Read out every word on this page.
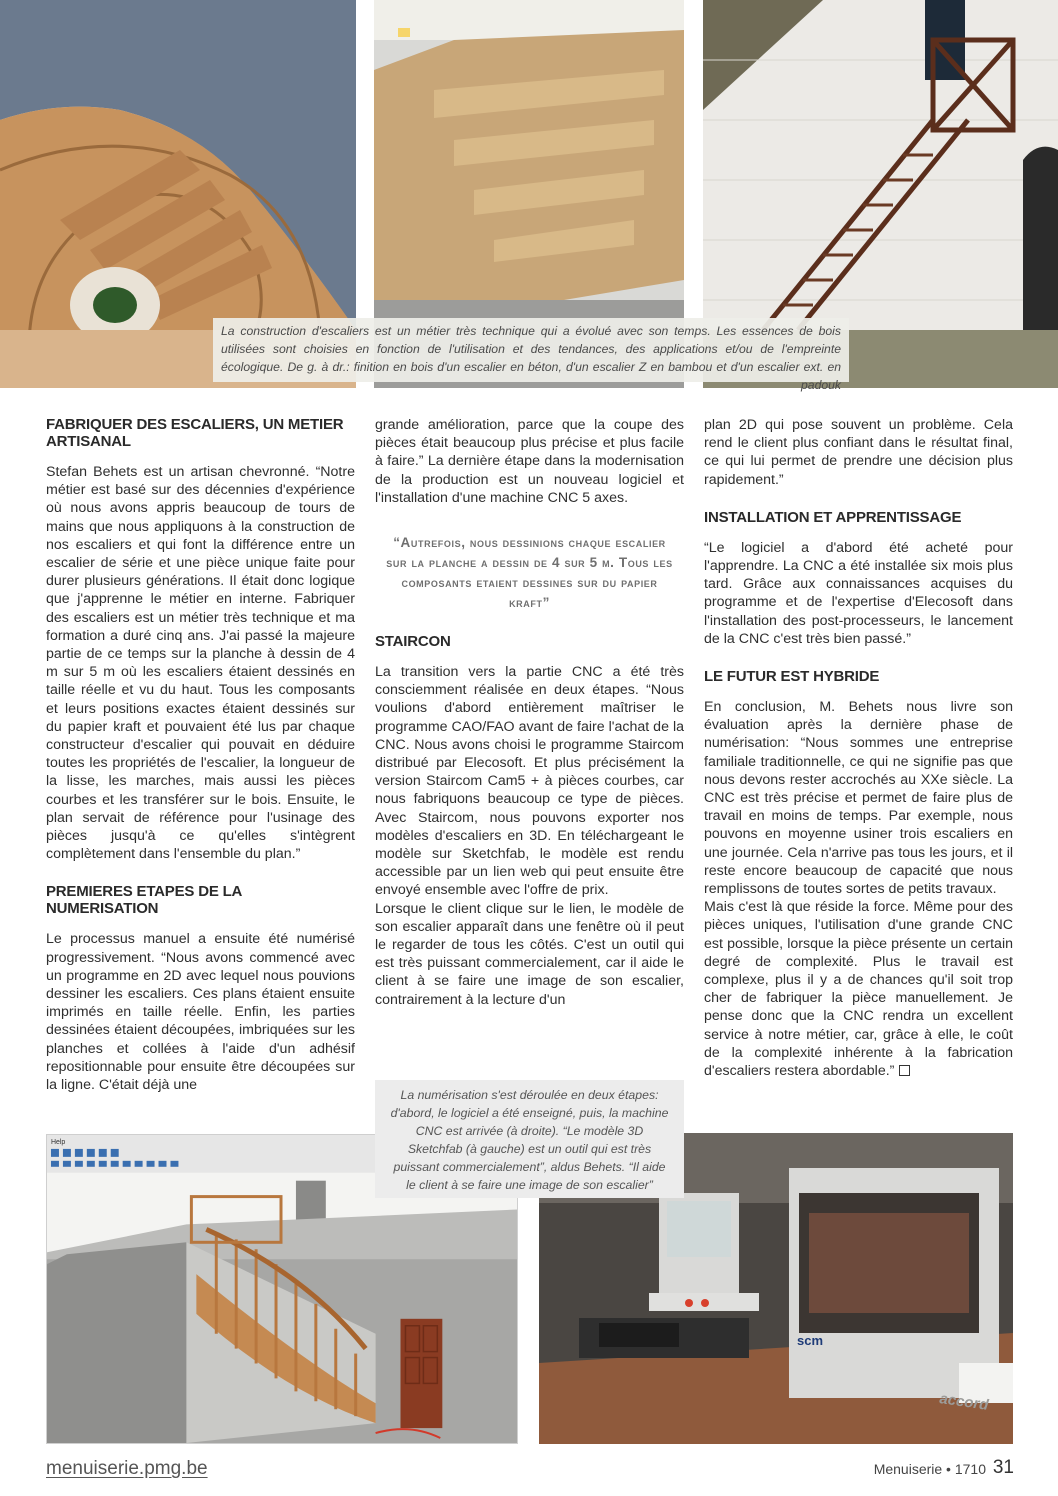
La construction d'escaliers est un métier très technique qui a évolué avec son temps. Les essences de bois utilisées sont choisies en fonction de l'utilisation et des tendances, des applications et/ou de l'empreinte écologique. De g. à dr.: finition en bois d'un escalier en béton, d'un escalier Z en bambou et d'un escalier ext. en padouk
FABRIQUER DES ESCALIERS, UN METIER ARTISANAL

Stefan Behets est un artisan chevronné. “Notre métier est basé sur des décennies d'expérience où nous avons appris beaucoup de tours de mains que nous appliquons à la construction de nos escaliers et qui font la différence entre un escalier de série et une pièce unique faite pour durer plusieurs générations. Il était donc logique que j'apprenne le métier en interne. Fabriquer des escaliers est un métier très technique et ma formation a duré cinq ans. J'ai passé la majeure partie de ce temps sur la planche à dessin de 4 m sur 5 m où les escaliers étaient dessinés en taille réelle et vu du haut. Tous les composants et leurs positions exactes étaient dessinés sur du papier kraft et pouvaient été lus par chaque constructeur d'escalier qui pouvait en déduire toutes les propriétés de l'escalier, la longueur de la lisse, les marches, mais aussi les pièces courbes et les transférer sur le bois. Ensuite, le plan servait de référence pour l'usinage des pièces jusqu'à ce qu'elles s'intègrent complètement dans l'ensemble du plan.”

PREMIERES ETAPES DE LA NUMERISATION

Le processus manuel a ensuite été numérisé progressivement. “Nous avons commencé avec un programme en 2D avec lequel nous pouvions dessiner les escaliers. Ces plans étaient ensuite imprimés en taille réelle. Enfin, les parties dessinées étaient découpées, imbriquées sur les planches et collées à l'aide d'un adhésif repositionnable pour ensuite être découpées sur la ligne. C'était déjà une

grande amélioration, parce que la coupe des pièces était beaucoup plus précise et plus facile à faire.” La dernière étape dans la modernisation de la production est un nouveau logiciel et l'installation d'une machine CNC 5 axes.

“Autrefois, nous dessinions chaque escalier sur la planche a dessin de 4 sur 5 m. Tous les composants etaient dessines sur du papier kraft”
STAIRCON

La transition vers la partie CNC a été très consciemment réalisée en deux étapes. “Nous voulions d'abord entièrement maîtriser le programme CAO/FAO avant de faire l'achat de la CNC. Nous avons choisi le programme Staircom distribué par Elecosoft. Et plus précisément la version Staircom Cam5 + à pièces courbes, car nous fabriquons beaucoup ce type de pièces. Avec Staircom, nous pouvons exporter nos modèles d'escaliers en 3D. En téléchargeant le modèle sur Sketchfab, le modèle est rendu accessible par un lien web qui peut ensuite être envoyé ensemble avec l'offre de prix.

Lorsque le client clique sur le lien, le modèle de son escalier apparaît dans une fenêtre où il peut le regarder de tous les côtés. C'est un outil qui est très puissant commercialement, car il aide le client à se faire une image de son escalier, contrairement à la lecture d'un

plan 2D qui pose souvent un problème. Cela rend le client plus confiant dans le résultat final, ce qui lui permet de prendre une décision plus rapidement.”

INSTALLATION ET APPRENTISSAGE

“Le logiciel a d'abord été acheté pour l'apprendre. La CNC a été installée six mois plus tard. Grâce aux connaissances acquises du programme et de l'expertise d'Elecosoft dans l'installation des post-processeurs, le lancement de la CNC c'est très bien passé.”

LE FUTUR EST HYBRIDE

En conclusion, M. Behets nous livre son évaluation après la dernière phase de numérisation: “Nous sommes une entreprise familiale traditionnelle, ce qui ne signifie pas que nous devons rester accrochés au XXe siècle. La CNC est très précise et permet de faire plus de travail en moins de temps. Par exemple, nous pouvons en moyenne usiner trois escaliers en une journée. Cela n'arrive pas tous les jours, et il reste encore beaucoup de capacité que nous remplissons de toutes sortes de petits travaux.

Mais c'est là que réside la force. Même pour des pièces uniques, l'utilisation d'une grande CNC est possible, lorsque la pièce présente un certain degré de complexité. Plus le travail est complexe, plus il y a de chances qu'il soit trop cher de fabriquer la pièce manuellement. Je pense donc que la CNC rendra un excellent service à notre métier, car, grâce à elle, le coût de la complexité inhérente à la fabrication d'escaliers restera abordable.”

Help
scm
accord
La numérisation s'est déroulée en deux étapes: d'abord, le logiciel a été enseigné, puis, la machine CNC est arrivée (à droite). “Le modèle 3D Sketchfab (à gauche) est un outil qui est très puissant commercialement”, aldus Behets. “Il aide le client à se faire une image de son escalier”
menuiserie.pmg.be	Menuiserie • 1710 31
